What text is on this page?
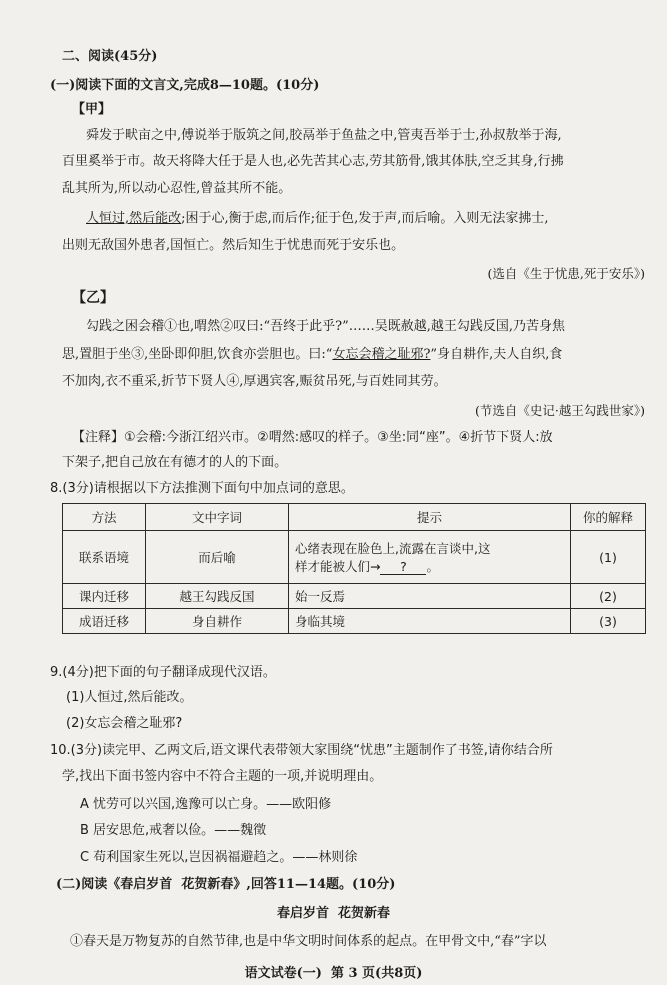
二、阅读(45分)
(一)阅读下面的文言文,完成8—10题。(10分)
【甲】
舜发于畎亩之中,傅说举于版筑之间,胶鬲举于鱼盐之中,管夷吾举于士,孙叔敖举于海,
百里奚举于市。故天将降大任于是人也,必先苦其心志,劳其筋骨,饿其体肤,空乏其身,行拂
乱其所为,所以动心忍性,曾益其所不能。
人恒过,然后能改;困于心,衡于虑,而后作;征于色,发于声,而后喻。入则无法家拂士,
出则无敌国外患者,国恒亡。然后知生于忧患而死于安乐也。
(选自《生于忧患,死于安乐》)
【乙】
勾践之困会稽①也,喟然②叹曰:“吾终于此乎?”……吴既赦越,越王勾践反国,乃苦身焦
思,置胆于坐③,坐卧即仰胆,饮食亦尝胆也。曰:“女忘会稽之耻邪?”身自耕作,夫人自织,食
不加肉,衣不重采,折节下贤人④,厚遇宾客,赈贫吊死,与百姓同其劳。
(节选自《史记·越王勾践世家》)
【注释】①会稽:今浙江绍兴市。②喟然:感叹的样子。③坐:同“座”。④折节下贤人:放
下架子,把自己放在有德才的人的下面。
8.(3分)请根据以下方法推测下面句中加点词的意思。
方法	文中字词	提示	你的解释
联系语境	而后喻	心绪表现在脸色上,流露在言谈中,这
样才能被人们→ ? 。	(1)
课内迁移	越王勾践反国	始一反焉	(2)
成语迁移	身自耕作	身临其境	(3)
9.(4分)把下面的句子翻译成现代汉语。
(1)人恒过,然后能改。
(2)女忘会稽之耻邪?
10.(3分)读完甲、乙两文后,语文课代表带领大家围绕“忧患”主题制作了书签,请你结合所
学,找出下面书签内容中不符合主题的一项,并说明理由。
A 忧劳可以兴国,逸豫可以亡身。——欧阳修
B 居安思危,戒奢以俭。——魏徵
C 苟利国家生死以,岂因祸福避趋之。——林则徐
(二)阅读《春启岁首  花贺新春》,回答11—14题。(10分)
春启岁首  花贺新春
①春天是万物复苏的自然节律,也是中华文明时间体系的起点。在甲骨文中,“春”字以
语文试卷(一)  第 3 页(共8页)
